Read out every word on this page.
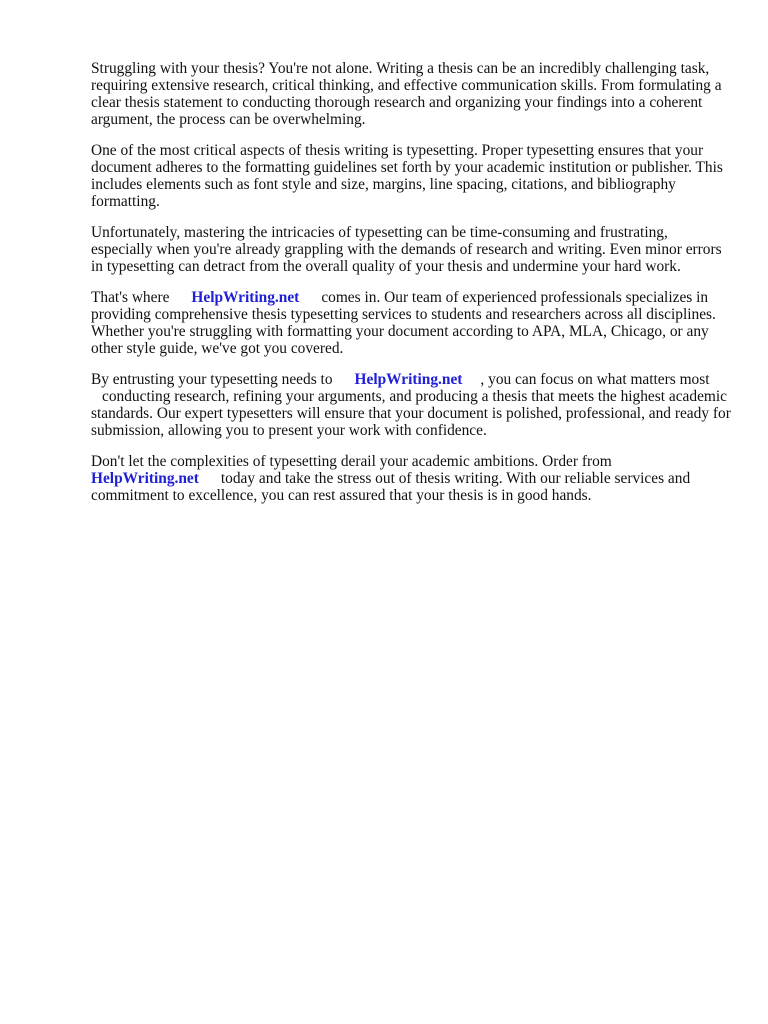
Struggling with your thesis? You're not alone. Writing a thesis can be an incredibly challenging task, requiring extensive research, critical thinking, and effective communication skills. From formulating a clear thesis statement to conducting thorough research and organizing your findings into a coherent argument, the process can be overwhelming.

One of the most critical aspects of thesis writing is typesetting. Proper typesetting ensures that your document adheres to the formatting guidelines set forth by your academic institution or publisher. This includes elements such as font style and size, margins, line spacing, citations, and bibliography formatting.

Unfortunately, mastering the intricacies of typesetting can be time-consuming and frustrating, especially when you're already grappling with the demands of research and writing. Even minor errors in typesetting can detract from the overall quality of your thesis and undermine your hard work.

That's where HelpWriting.net comes in. Our team of experienced professionals specializes in providing comprehensive thesis typesetting services to students and researchers across all disciplines. Whether you're struggling with formatting your document according to APA, MLA, Chicago, or any other style guide, we've got you covered.

By entrusting your typesetting needs to HelpWriting.net , you can focus on what matters most
conducting research, refining your arguments, and producing a thesis that meets the highest academic standards. Our expert typesetters will ensure that your document is polished, professional, and ready for submission, allowing you to present your work with confidence.

Don't let the complexities of typesetting derail your academic ambitions. Order from
HelpWriting.net today and take the stress out of thesis writing. With our reliable services and commitment to excellence, you can rest assured that your thesis is in good hands.
